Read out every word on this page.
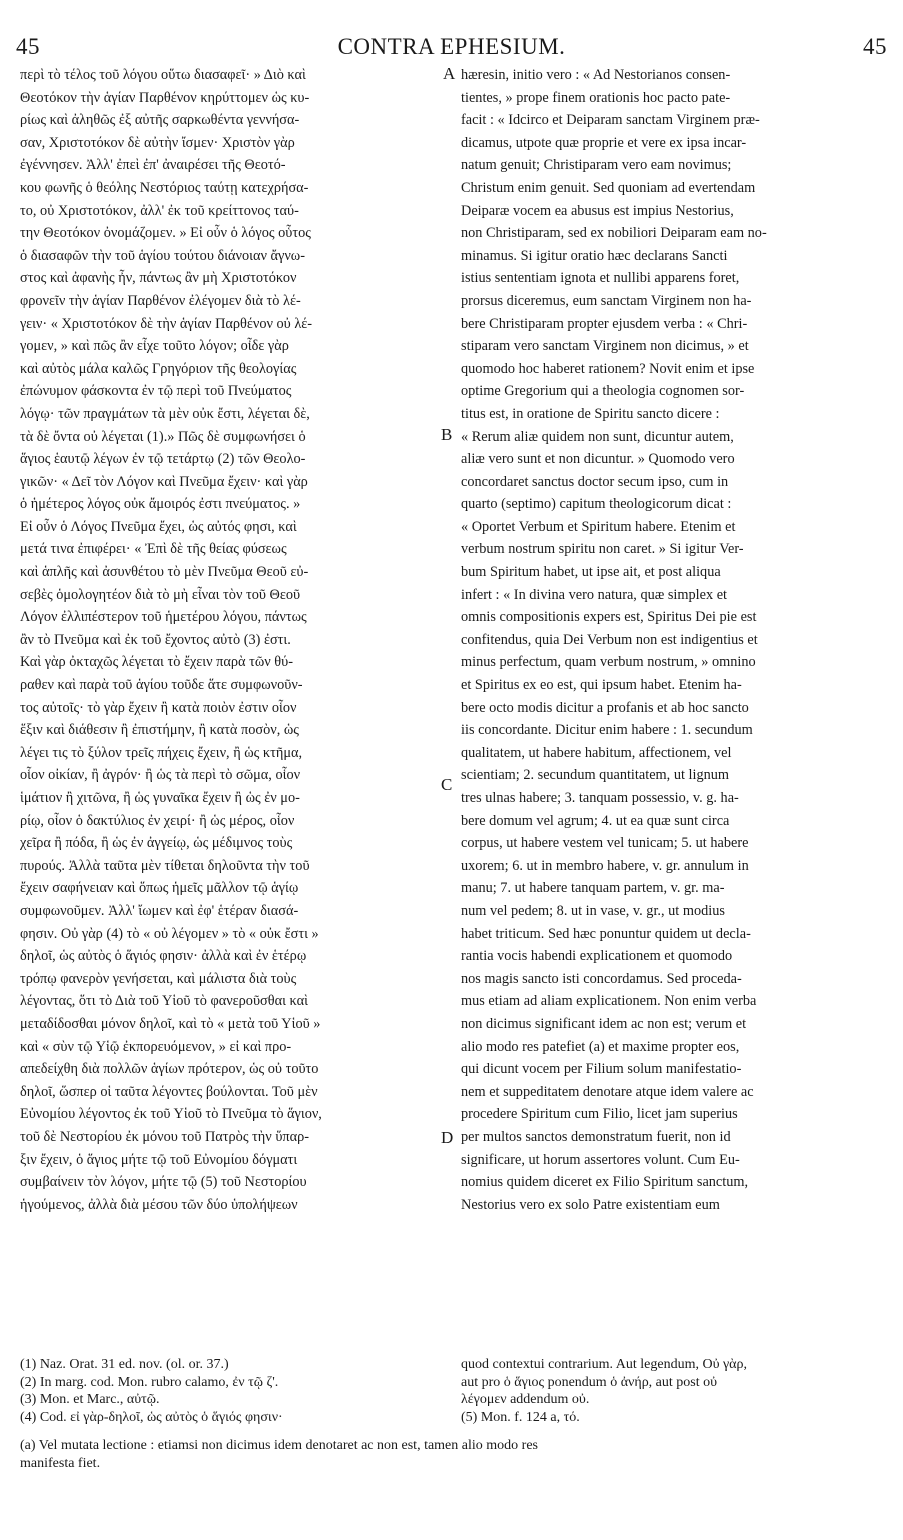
45	CONTRA EPHESIUM.	45
περὶ τὸ τέλος τοῦ λόγου οὕτω διασαφεῖ· » Διὸ καὶ
Θεοτόκον τὴν ἁγίαν Παρθένον κηρύττομεν ὡς κυ-
ρίως καὶ ἀληθῶς ἐξ αὐτῆς σαρκωθέντα γεννήσα-
σαν, Χριστοτόκον δὲ αὐτὴν ἴσμεν· Χριστὸν γὰρ
ἐγέννησεν. Ἀλλ' ἐπεὶ ἐπ' ἀναιρέσει τῆς Θεοτό-
κου φωνῆς ὁ θεόλης Νεστόριος ταύτῃ κατεχρήσα-
το, οὐ Χριστοτόκον, ἀλλ' ἐκ τοῦ κρείττονος ταύ-
την Θεοτόκον ὀνομάζομεν. » Εἰ οὖν ὁ λόγος οὗτος
ὁ διασαφῶν τὴν τοῦ ἁγίου τούτου διάνοιαν ἄγνω-
στος καὶ ἀφανὴς ἦν, πάντως ἂν μὴ Χριστοτόκον
φρονεῖν τὴν ἁγίαν Παρθένον ἐλέγομεν διὰ τὸ λέ-
γειν· « Χριστοτόκον δὲ τὴν ἁγίαν Παρθένον οὐ λέ-
γομεν, » καὶ πῶς ἂν εἶχε τοῦτο λόγον; οἶδε γὰρ
καὶ αὐτὸς μάλα καλῶς Γρηγόριον τῆς θεολογίας
ἐπώνυμον φάσκοντα ἐν τῷ περὶ τοῦ Πνεύματος
λόγῳ· τῶν πραγμάτων τὰ μὲν οὐκ ἔστι, λέγεται δὲ,
τὰ δὲ ὄντα οὐ λέγεται (1).» Πῶς δὲ συμφωνήσει ὁ
ἅγιος ἑαυτῷ λέγων ἐν τῷ τετάρτῳ (2) τῶν Θεολο-
γικῶν· « Δεῖ τὸν Λόγον καὶ Πνεῦμα ἔχειν· καὶ γὰρ
ὁ ἡμέτερος λόγος οὐκ ἄμοιρός ἐστι πνεύματος. »
Εἰ οὖν ὁ Λόγος Πνεῦμα ἔχει, ὡς αὐτός φησι, καὶ
μετά τινα ἐπιφέρει· « Ἐπὶ δὲ τῆς θείας φύσεως
καὶ ἁπλῆς καὶ ἀσυνθέτου τὸ μὲν Πνεῦμα Θεοῦ εὐ-
σεβὲς ὁμολογητέον διὰ τὸ μὴ εἶναι τὸν τοῦ Θεοῦ
Λόγον ἐλλιπέστερον τοῦ ἡμετέρου λόγου, πάντως
ἂν τὸ Πνεῦμα καὶ ἐκ τοῦ ἔχοντος αὐτὸ (3) ἐστι.
Καὶ γὰρ ὀκταχῶς λέγεται τὸ ἔχειν παρὰ τῶν θύ-
ραθεν καὶ παρὰ τοῦ ἁγίου τοῦδε ἅτε συμφωνοῦν-
τος αὐτοῖς· τὸ γὰρ ἔχειν ἢ κατὰ ποιὸν ἐστιν οἷον
ἕξιν καὶ διάθεσιν ἢ ἐπιστήμην, ἢ κατὰ ποσὸν, ὡς
λέγει τις τὸ ξύλον τρεῖς πήχεις ἔχειν, ἢ ὡς κτῆμα,
οἷον οἰκίαν, ἢ ἀγρόν· ἢ ὡς τὰ περὶ τὸ σῶμα, οἷον
ἱμάτιον ἢ χιτῶνα, ἢ ὡς γυναῖκα ἔχειν ἢ ὡς ἐν μο-
ρίῳ, οἷον ὁ δακτύλιος ἐν χειρί· ἢ ὡς μέρος, οἷον
χεῖρα ἢ πόδα, ἢ ὡς ἐν ἀγγείῳ, ὡς μέδιμνος τοὺς
πυρούς. Ἀλλὰ ταῦτα μὲν τίθεται δηλοῦντα τὴν τοῦ
ἔχειν σαφήνειαν καὶ ὅπως ἡμεῖς μᾶλλον τῷ ἁγίῳ
συμφωνοῦμεν. Ἀλλ' ἴωμεν καὶ ἐφ' ἑτέραν διασά-
φησιν. Οὐ γὰρ (4) τὸ « οὐ λέγομεν » τὸ « οὐκ ἔστι »
δηλοῖ, ὡς αὐτὸς ὁ ἅγιός φησιν· ἀλλὰ καὶ ἐν ἑτέρῳ
τρόπῳ φανερὸν γενήσεται, καὶ μάλιστα διὰ τοὺς
λέγοντας, ὅτι τὸ Διὰ τοῦ Υἱοῦ τὸ φανεροῦσθαι καὶ
μεταδίδοσθαι μόνον δηλοῖ, καὶ τὸ « μετὰ τοῦ Υἱοῦ »
καὶ « σὺν τῷ Υἱῷ ἐκπορευόμενον, » εἰ καὶ προ-
απεδείχθη διὰ πολλῶν ἁγίων πρότερον, ὡς οὐ τοῦτο
δηλοῖ, ὥσπερ οἱ ταῦτα λέγοντες βούλονται. Τοῦ μὲν
Εὐνομίου λέγοντος ἐκ τοῦ Υἱοῦ τὸ Πνεῦμα τὸ ἅγιον,
τοῦ δὲ Νεστορίου ἐκ μόνου τοῦ Πατρὸς τὴν ὕπαρ-
ξιν ἔχειν, ὁ ἅγιος μήτε τῷ τοῦ Εὐνομίου δόγματι
συμβαίνειν τὸν λόγον, μήτε τῷ (5) τοῦ Νεστορίου
ἡγούμενος, ἀλλὰ διὰ μέσου τῶν δύο ὑπολήψεων
hæresin, initio vero : « Ad Nestorianos consen-
tientes, » prope finem orationis hoc pacto pate-
facit : « Idcirco et Deiparam sanctam Virginem præ-
dicamus, utpote quæ proprie et vere ex ipsa incar-
natum genuit; Christiparam vero eam novimus;
Christum enim genuit. Sed quoniam ad evertendam
Deiparæ vocem ea abusus est impius Nestorius,
non Christiparam, sed ex nobiliori Deiparam eam no-
minamus. Si igitur oratio hæc declarans Sancti
istius sententiam ignota et nullibi apparens foret,
prorsus diceremus, eum sanctam Virginem non ha-
bere Christiparam propter ejusdem verba : « Chri-
stiparam vero sanctam Virginem non dicimus, » et
quomodo hoc haberet rationem? Novit enim et ipse
optime Gregorium qui a theologia cognomen sor-
titus est, in oratione de Spiritu sancto dicere :
« Rerum aliæ quidem non sunt, dicuntur autem,
aliæ vero sunt et non dicuntur. » Quomodo vero
concordaret sanctus doctor secum ipso, cum in
quarto (septimo) capitum theologicorum dicat :
« Oportet Verbum et Spiritum habere. Etenim et
verbum nostrum spiritu non caret. » Si igitur Ver-
bum Spiritum habet, ut ipse ait, et post aliqua
infert : « In divina vero natura, quæ simplex et
omnis compositionis expers est, Spiritus Dei pie est
confitendus, quia Dei Verbum non est indigentius et
minus perfectum, quam verbum nostrum, » omnino
et Spiritus ex eo est, qui ipsum habet. Etenim ha-
bere octo modis dicitur a profanis et ab hoc sancto
iis concordante. Dicitur enim habere : 1. secundum
qualitatem, ut habere habitum, affectionem, vel
scientiam; 2. secundum quantitatem, ut lignum
tres ulnas habere; 3. tanquam possessio, v. g. ha-
bere domum vel agrum; 4. ut ea quæ sunt circa
corpus, ut habere vestem vel tunicam; 5. ut habere
uxorem; 6. ut in membro habere, v. gr. annulum in
manu; 7. ut habere tanquam partem, v. gr. ma-
num vel pedem; 8. ut in vase, v. gr., ut modius
habet triticum. Sed hæc ponuntur quidem ut decla-
rantia vocis habendi explicationem et quomodo
nos magis sancto isti concordamus. Sed proceda-
mus etiam ad aliam explicationem. Non enim verba
non dicimus significant idem ac non est; verum et
alio modo res patefiet (a) et maxime propter eos,
qui dicunt vocem per Filium solum manifestatio-
nem et suppeditatem denotare atque idem valere ac
procedere Spiritum cum Filio, licet jam superius
per multos sanctos demonstratum fuerit, non id
significare, ut horum assertores volunt. Cum Eu-
nomius quidem diceret ex Filio Spiritum sanctum,
Nestorius vero ex solo Patre existentiam eum
A
B
C
D
(1) Naz. Orat. 31 ed. nov. (ol. or. 37.)
(2) In marg. cod. Mon. rubro calamo, ἐν τῷ ζ'.
(3) Mon. et Marc., αὐτῷ.
(4) Cod. εἰ γὰρ-δηλοῖ, ὡς αὐτὸς ὁ ἅγιός φησιν·
quod contextui contrarium. Aut legendum, Οὐ γὰρ,
aut pro ὁ ἅγιος ponendum ὁ ἀνήρ, aut post οὐ
λέγομεν addendum οὐ.
(5) Mon. f. 124 a, τό.
(a) Vel mutata lectione : etiamsi non dicimus idem denotaret ac non est, tamen alio modo res
manifesta fiet.
